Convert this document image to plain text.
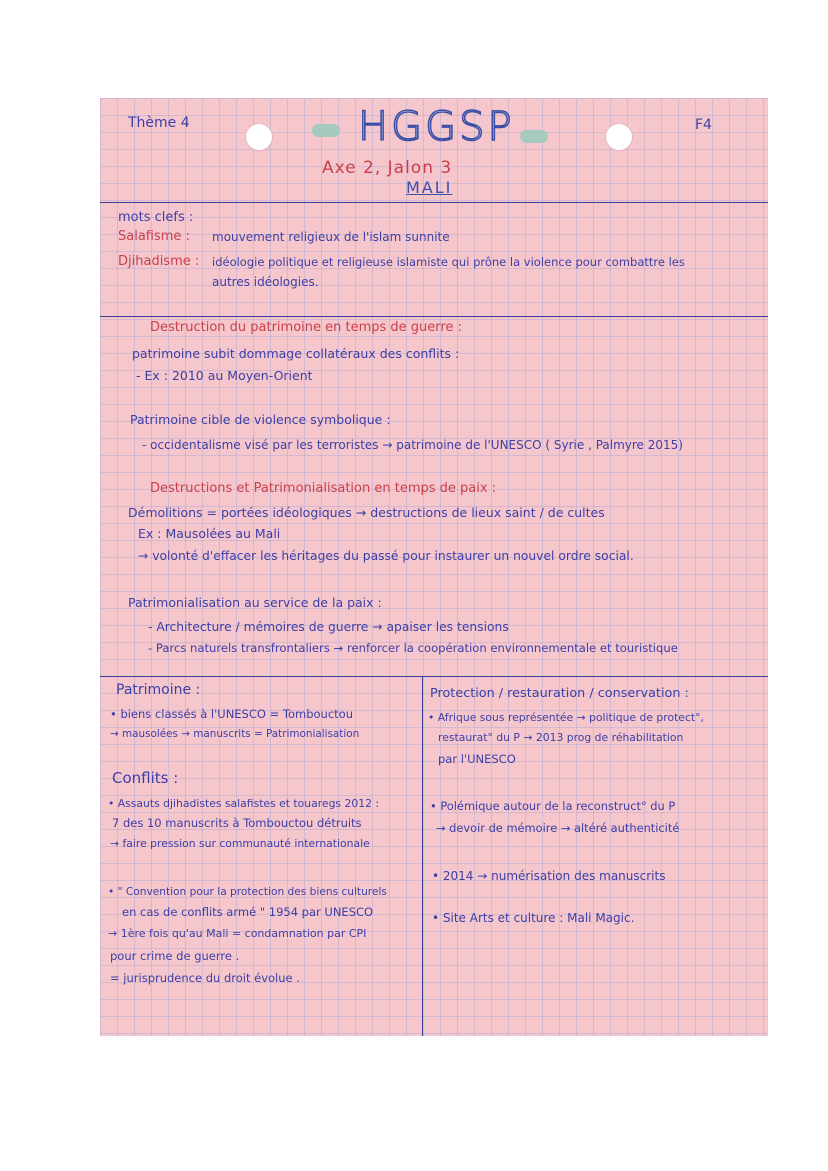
Thème 4	F4
HGGSP
Axe 2, Jalon 3
MALI
mots clefs :
Salafisme : mouvement religieux de l'islam sunnite
Djihadisme : idéologie politique et religieuse islamiste qui prône la violence pour combattre les
autres idéologies.
Destruction du patrimoine en temps de guerre :
patrimoine subit dommage collatéraux des conflits :
- Ex : 2010 au Moyen-Orient
Patrimoine cible de violence symbolique :
- occidentalisme visé par les terroristes → patrimoine de l'UNESCO ( Syrie , Palmyre 2015)
Destructions et Patrimonialisation en temps de paix :
Démolitions = portées idéologiques → destructions de lieux saint / de cultes
Ex : Mausolées au Mali
→ volonté d'effacer les héritages du passé pour instaurer un nouvel ordre social.
Patrimonialisation au service de la paix :
- Architecture / mémoires de guerre → apaiser les tensions
- Parcs naturels transfrontaliers → renforcer la coopération environnementale et touristique
Patrimoine :
• biens classés à l'UNESCO = Tombouctou
→ mausolées → manuscrits = Patrimonialisation
Conflits :
• Assauts djihadistes salafistes et touaregs 2012 :
7 des 10 manuscrits à Tombouctou détruits
→ faire pression sur communauté internationale
• " Convention pour la protection des biens culturels
en cas de conflits armé " 1954 par UNESCO
→ 1ère fois qu'au Mali = condamnation par CPI
pour crime de guerre .
= jurisprudence du droit évolue .
Protection / restauration / conservation :
• Afrique sous représentée → politique de protect°,
restaurat° du P → 2013 prog de réhabilitation
par l'UNESCO
• Polémique autour de la reconstruct° du P
→ devoir de mémoire → altéré authenticité
• 2014 → numérisation des manuscrits
• Site Arts et culture : Mali Magic.
